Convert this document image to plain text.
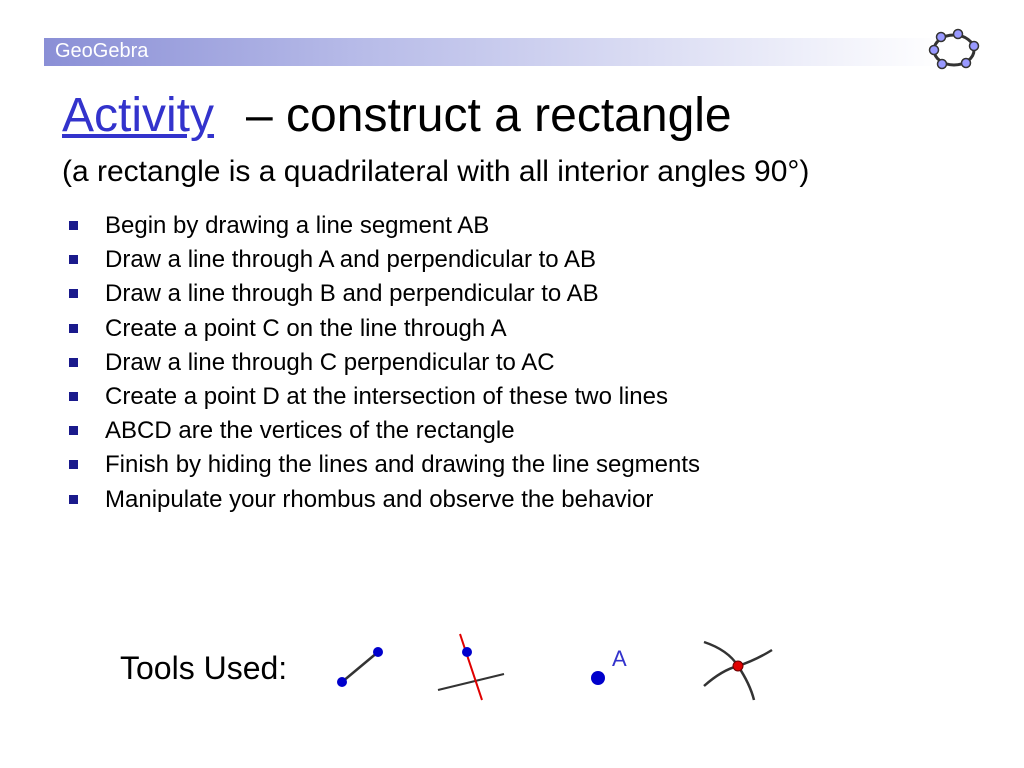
GeoGebra
Activity – construct a rectangle
(a rectangle is a quadrilateral with all interior angles 90°)
Begin by drawing a line segment AB
Draw a line through A and perpendicular to AB
Draw a line through B and perpendicular to AB
Create a point C on the line through A
Draw a line through C perpendicular to AC
Create a point D at the intersection of these two lines
ABCD are the vertices of the rectangle
Finish by hiding the lines and drawing the line segments
Manipulate your rhombus and observe the behavior
Tools Used:	A
